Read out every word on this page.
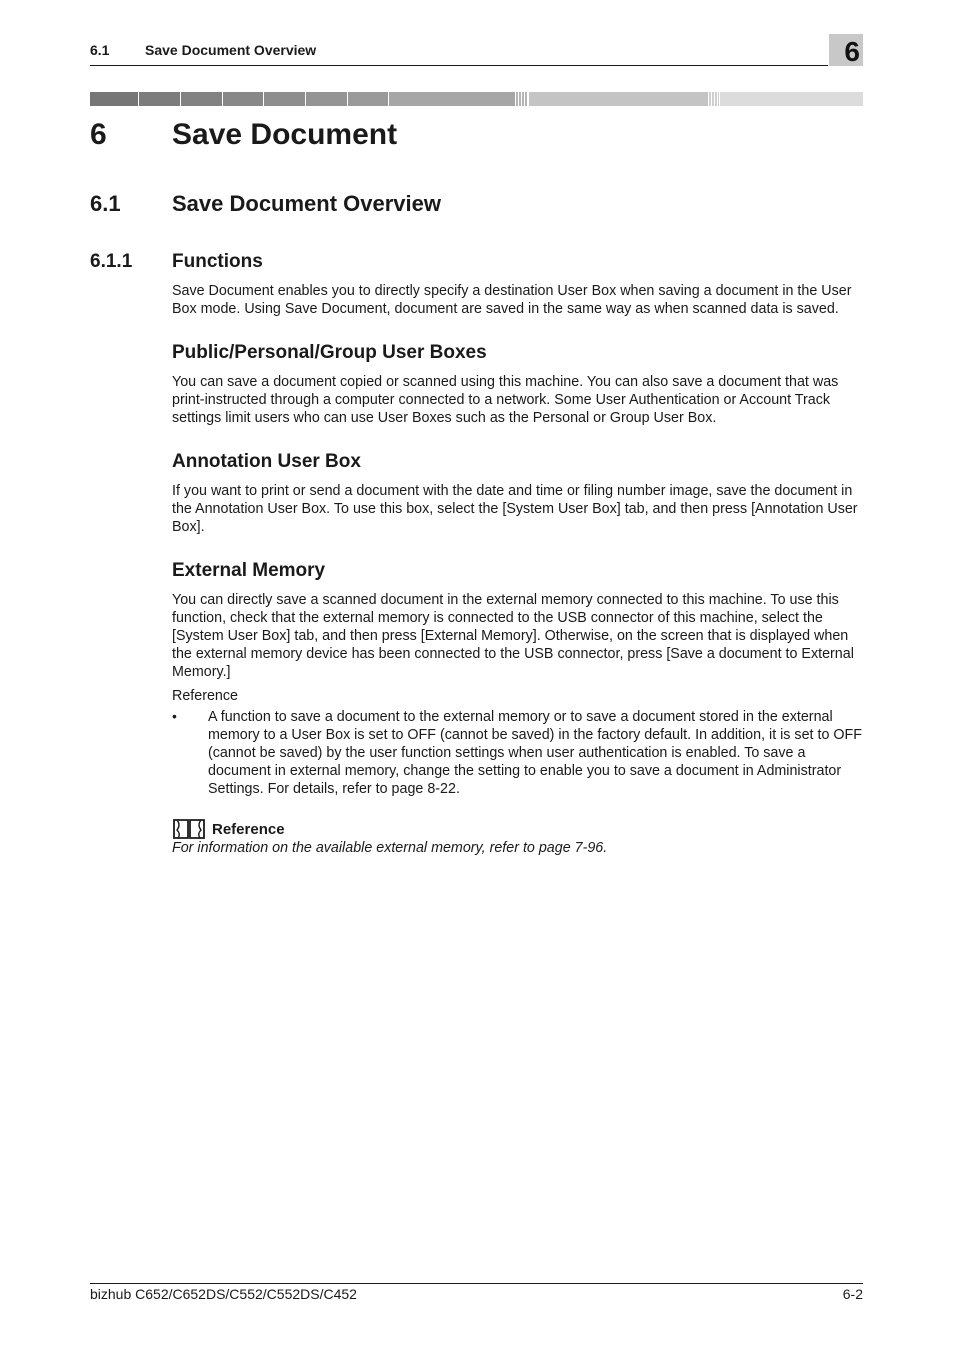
6.1	Save Document Overview	6
6 Save Document
6.1 Save Document Overview
6.1.1 Functions
Save Document enables you to directly specify a destination User Box when saving a document in the User Box mode. Using Save Document, document are saved in the same way as when scanned data is saved.
Public/Personal/Group User Boxes
You can save a document copied or scanned using this machine. You can also save a document that was print-instructed through a computer connected to a network. Some User Authentication or Account Track settings limit users who can use User Boxes such as the Personal or Group User Box.
Annotation User Box
If you want to print or send a document with the date and time or filing number image, save the document in the Annotation User Box. To use this box, select the [System User Box] tab, and then press [Annotation User Box].
External Memory
You can directly save a scanned document in the external memory connected to this machine. To use this function, check that the external memory is connected to the USB connector of this machine, select the [System User Box] tab, and then press [External Memory]. Otherwise, on the screen that is displayed when the external memory device has been connected to the USB connector, press [Save a document to External Memory.]
Reference
• A function to save a document to the external memory or to save a document stored in the external memory to a User Box is set to OFF (cannot be saved) in the factory default. In addition, it is set to OFF (cannot be saved) by the user function settings when user authentication is enabled. To save a document in external memory, change the setting to enable you to save a document in Administrator Settings. For details, refer to page 8-22.
Reference
For information on the available external memory, refer to page 7-96.
bizhub C652/C652DS/C552/C552DS/C452	6-2
